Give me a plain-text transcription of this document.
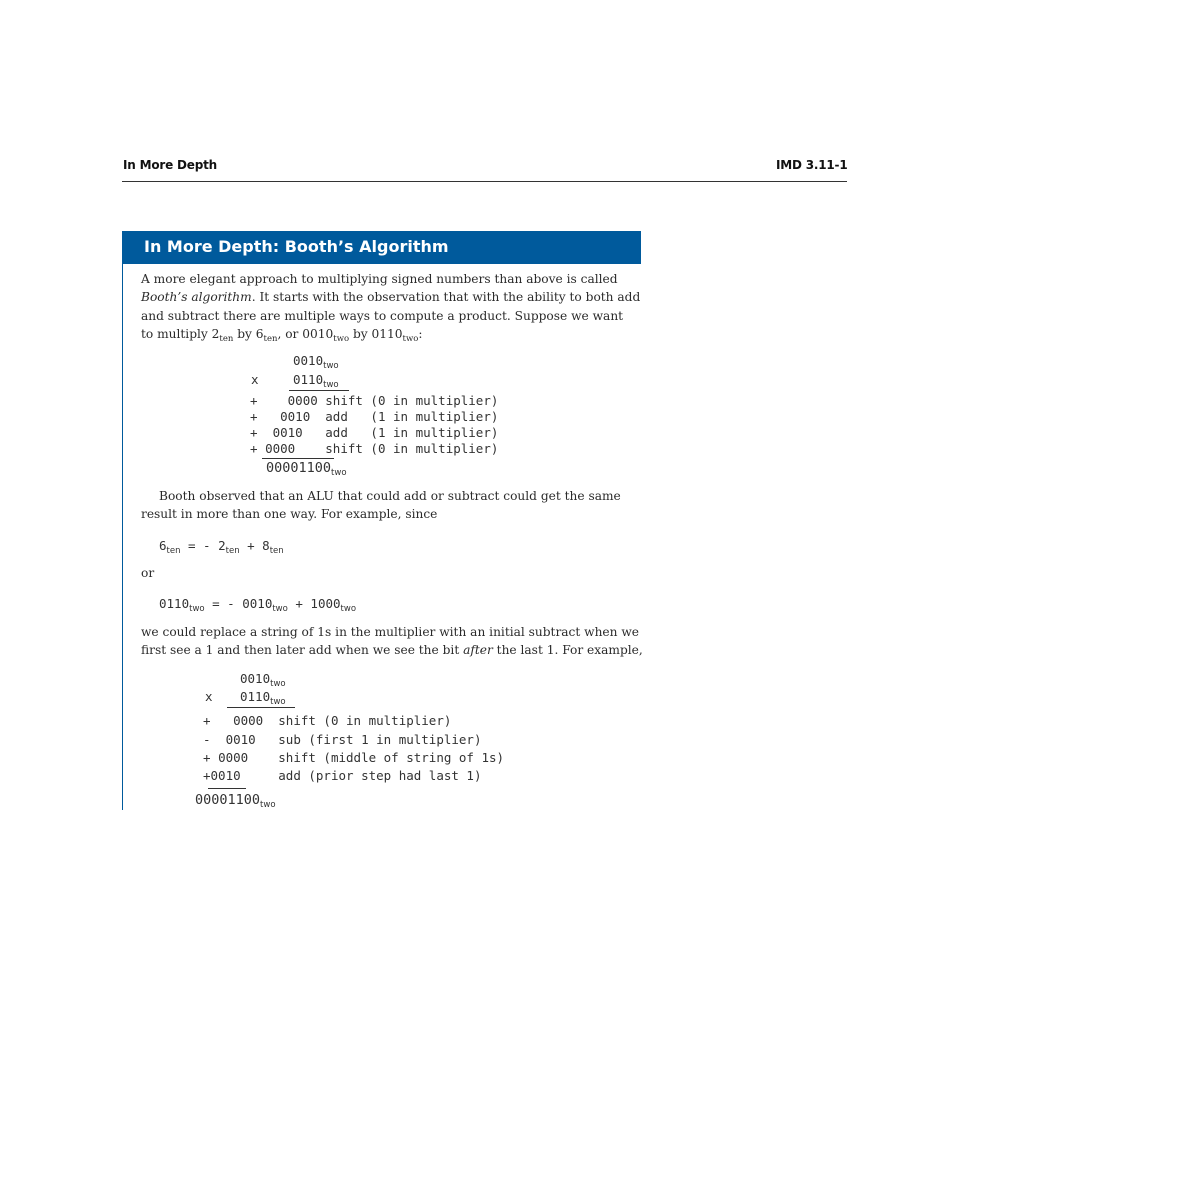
In More Depth	IMD 3.11-1
In More Depth: Booth’s Algorithm
A more elegant approach to multiplying signed numbers than above is called
Booth’s algorithm. It starts with the observation that with the ability to both add
and subtract there are multiple ways to compute a product. Suppose we want
to multiply $2_{ten}$ by $6_{ten}$, or $0010_{two}$ by $0110_{two}$:
$0010_{two}$
x	$0110_{two}$
+    0000 shift (0 in multiplier)
+   0010  add   (1 in multiplier)
+  0010   add   (1 in multiplier)
+ 0000    shift (0 in multiplier)
$00001100_{two}$
Booth observed that an ALU that could add or subtract could get the same
result in more than one way. For example, since
$6_{ten}$ = - $2_{ten} + 8_{ten}$
or
$0110_{two}$ = - $0010_{two} + 1000_{two}$
we could replace a string of 1s in the multiplier with an initial subtract when we
first see a 1 and then later add when we see the bit after the last 1. For example,
$0010_{two}$
x $0110_{two}$
+   0000 shift (0 in multiplier)
-  0010   sub (first 1 in multiplier)
+ 0000    shift (middle of string of 1s)
+0010     add (prior step had last 1)
$00001100_{two}$
